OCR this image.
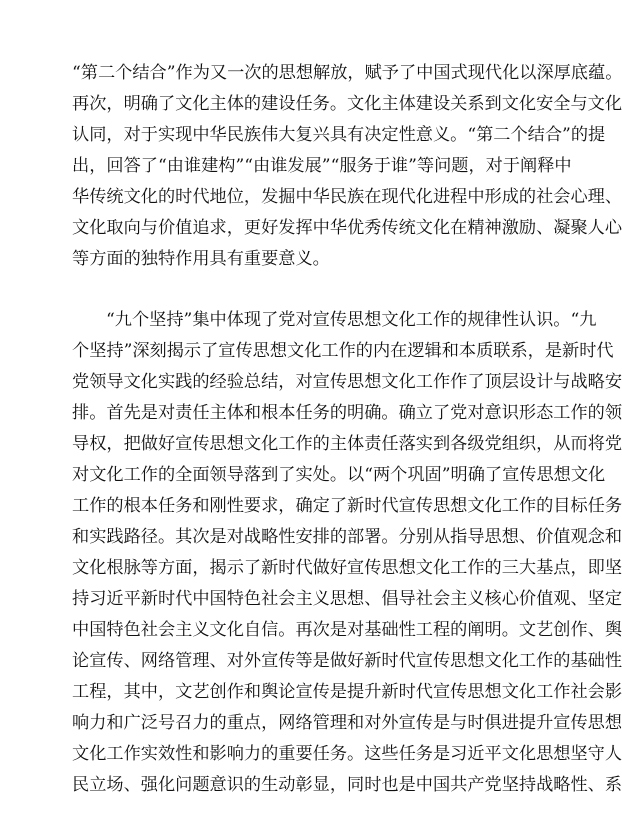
“第二个结合”作为又一次的思想解放，赋予了中国式现代化以深厚底蕴。
再次，明确了文化主体的建设任务。文化主体建设关系到文化安全与文化
认同，对于实现中华民族伟大复兴具有决定性意义。“第二个结合”的提
出，回答了“由谁建构”“由谁发展”“服务于谁”等问题，对于阐释中
华传统文化的时代地位，发掘中华民族在现代化进程中形成的社会心理、
文化取向与价值追求，更好发挥中华优秀传统文化在精神激励、凝聚人心
等方面的独特作用具有重要意义。
“九个坚持”集中体现了党对宣传思想文化工作的规律性认识。“九
个坚持”深刻揭示了宣传思想文化工作的内在逻辑和本质联系，是新时代
党领导文化实践的经验总结，对宣传思想文化工作作了顶层设计与战略安
排。首先是对责任主体和根本任务的明确。确立了党对意识形态工作的领
导权，把做好宣传思想文化工作的主体责任落实到各级党组织，从而将党
对文化工作的全面领导落到了实处。以“两个巩固”明确了宣传思想文化
工作的根本任务和刚性要求，确定了新时代宣传思想文化工作的目标任务
和实践路径。其次是对战略性安排的部署。分别从指导思想、价值观念和
文化根脉等方面，揭示了新时代做好宣传思想文化工作的三大基点，即坚
持习近平新时代中国特色社会主义思想、倡导社会主义核心价值观、坚定
中国特色社会主义文化自信。再次是对基础性工程的阐明。文艺创作、舆
论宣传、网络管理、对外宣传等是做好新时代宣传思想文化工作的基础性
工程，其中，文艺创作和舆论宣传是提升新时代宣传思想文化工作社会影
响力和广泛号召力的重点，网络管理和对外宣传是与时俱进提升宣传思想
文化工作实效性和影响力的重要任务。这些任务是习近平文化思想坚守人
民立场、强化问题意识的生动彰显，同时也是中国共产党坚持战略性、系
